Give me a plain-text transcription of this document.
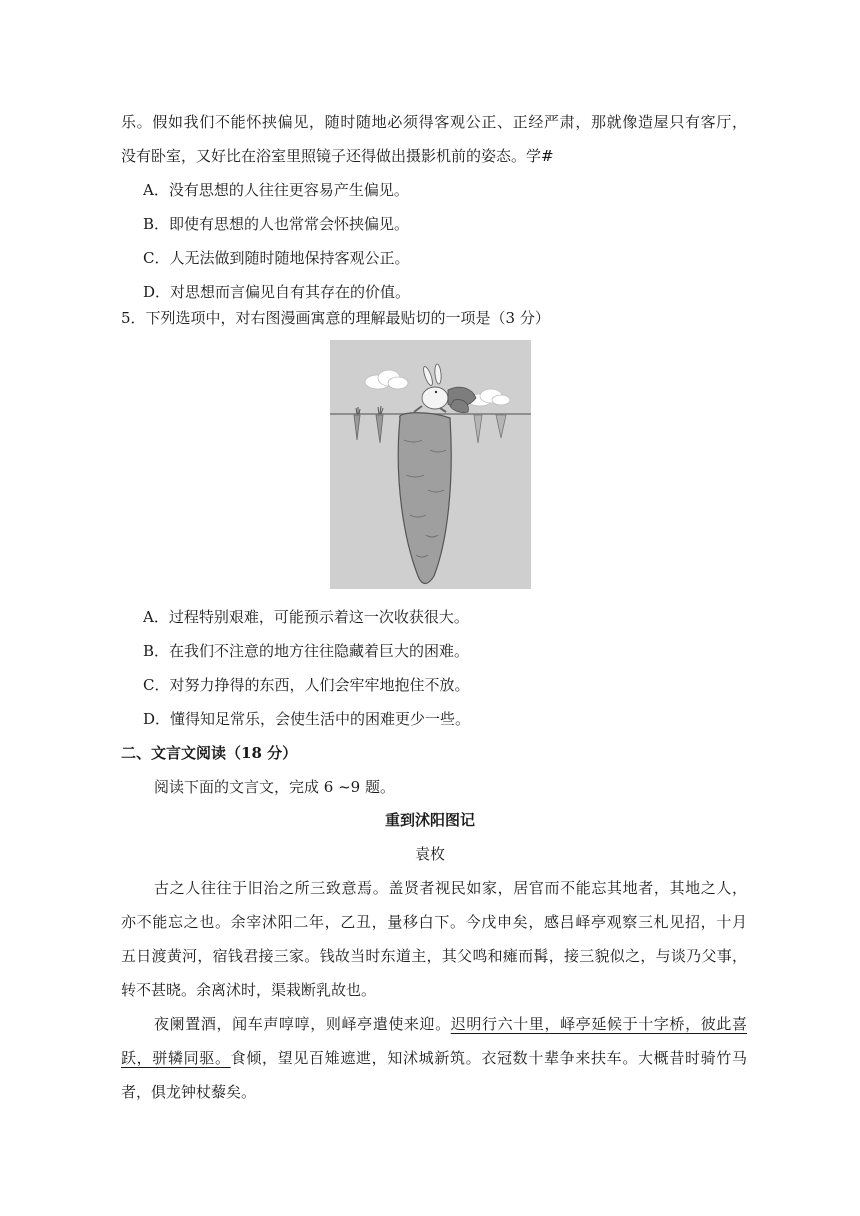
乐。假如我们不能怀挟偏见，随时随地必须得客观公正、正经严肃，那就像造屋只有客厅，
没有卧室，又好比在浴室里照镜子还得做出摄影机前的姿态。学#
A．没有思想的人往往更容易产生偏见。
B．即使有思想的人也常常会怀挟偏见。
C．人无法做到随时随地保持客观公正。
D．对思想而言偏见自有其存在的价值。
5．下列选项中，对右图漫画寓意的理解最贴切的一项是（3 分）
A．过程特别艰难，可能预示着这一次收获很大。
B．在我们不注意的地方往往隐藏着巨大的困难。
C．对努力挣得的东西，人们会牢牢地抱住不放。
D．懂得知足常乐，会使生活中的困难更少一些。
二、文言文阅读（18 分）
阅读下面的文言文，完成 6 ~9 题。
重到沭阳图记
袁枚
古之人往往于旧治之所三致意焉。盖贤者视民如家，居官而不能忘其地者，其地之人，
亦不能忘之也。余宰沭阳二年，乙丑，量移白下。今戊申矣，感吕峄亭观察三札见招，十月
五日渡黄河，宿钱君接三家。钱故当时东道主，其父鸣和瘫而髯，接三貌似之，与谈乃父事，
转不甚晓。余离沭时，渠栽断乳故也。
夜阑置酒，闻车声啍啍，则峄亭遣使来迎。迟明行六十里，峄亭延候于十字桥，彼此喜
跃，骈辚同驱。食倾，望见百雉遮迣，知沭城新筑。衣冠数十辈争来扶车。大概昔时骑竹马
者，俱龙钟杖藜矣。
